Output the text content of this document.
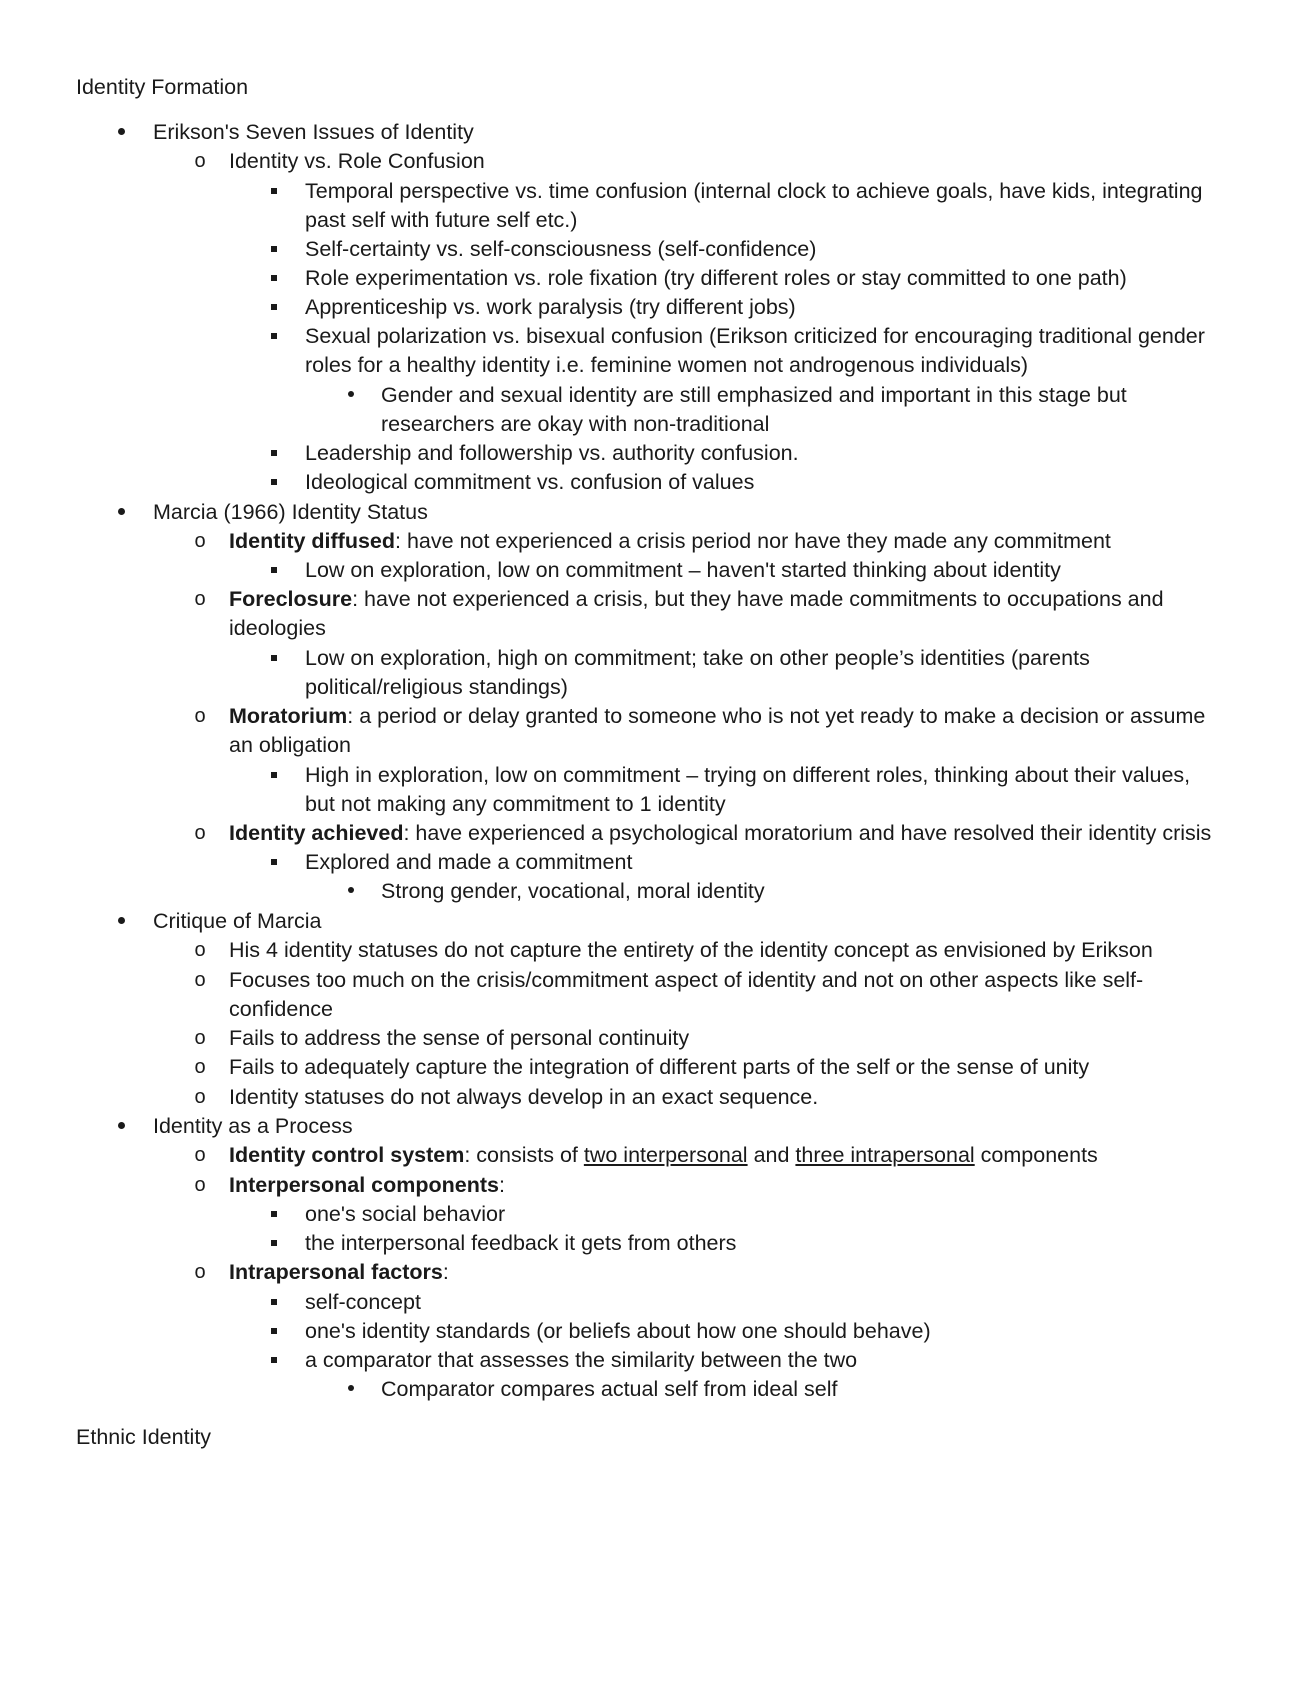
Identity Formation
Erikson's Seven Issues of Identity
o Identity vs. Role Confusion
Temporal perspective vs. time confusion (internal clock to achieve goals, have kids, integrating
past self with future self etc.)
Self-certainty vs. self-consciousness (self-confidence)
Role experimentation vs. role fixation (try different roles or stay committed to one path)
Apprenticeship vs. work paralysis (try different jobs)
Sexual polarization vs. bisexual confusion (Erikson criticized for encouraging traditional gender
roles for a healthy identity i.e. feminine women not androgenous individuals)
Gender and sexual identity are still emphasized and important in this stage but
researchers are okay with non-traditional
Leadership and followership vs. authority confusion.
Ideological commitment vs. confusion of values
Marcia (1966) Identity Status
o Identity diffused: have not experienced a crisis period nor have they made any commitment
Low on exploration, low on commitment – haven't started thinking about identity
o Foreclosure: have not experienced a crisis, but they have made commitments to occupations and
ideologies
Low on exploration, high on commitment; take on other people’s identities (parents
political/religious standings)
o Moratorium: a period or delay granted to someone who is not yet ready to make a decision or assume
an obligation
High in exploration, low on commitment – trying on different roles, thinking about their values,
but not making any commitment to 1 identity
o Identity achieved: have experienced a psychological moratorium and have resolved their identity crisis
Explored and made a commitment
Strong gender, vocational, moral identity
Critique of Marcia
o His 4 identity statuses do not capture the entirety of the identity concept as envisioned by Erikson
o Focuses too much on the crisis/commitment aspect of identity and not on other aspects like self-
confidence
o Fails to address the sense of personal continuity
o Fails to adequately capture the integration of different parts of the self or the sense of unity
o Identity statuses do not always develop in an exact sequence.
Identity as a Process
o Identity control system: consists of two interpersonal and three intrapersonal components
o Interpersonal components:
one's social behavior
the interpersonal feedback it gets from others
o Intrapersonal factors:
self-concept
one's identity standards (or beliefs about how one should behave)
a comparator that assesses the similarity between the two
Comparator compares actual self from ideal self
Ethnic Identity
